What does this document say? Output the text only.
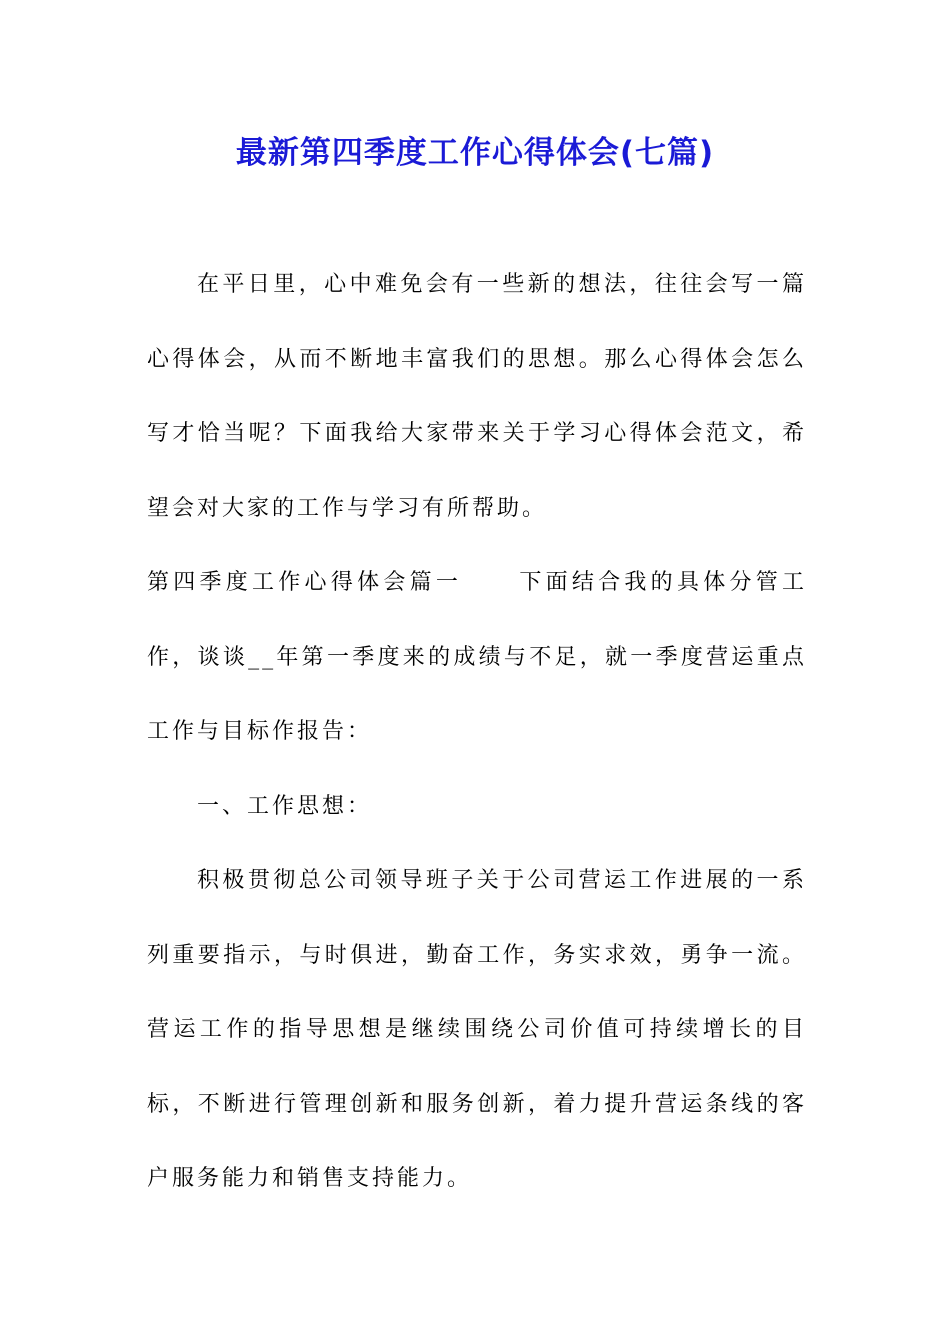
最新第四季度工作心得体会(七篇)

在平日里，心中难免会有一些新的想法，往往会写一篇心得体会，从而不断地丰富我们的思想。那么心得体会怎么写才恰当呢？下面我给大家带来关于学习心得体会范文，希望会对大家的工作与学习有所帮助。

第四季度工作心得体会篇一	下面结合我的具体分管工作，谈谈__年第一季度来的成绩与不足，就一季度营运重点工作与目标作报告：

一、工作思想：

积极贯彻总公司领导班子关于公司营运工作进展的一系列重要指示，与时俱进，勤奋工作，务实求效，勇争一流。营运工作的指导思想是继续围绕公司价值可持续增长的目标，不断进行管理创新和服务创新，着力提升营运条线的客户服务能力和销售支持能力。
